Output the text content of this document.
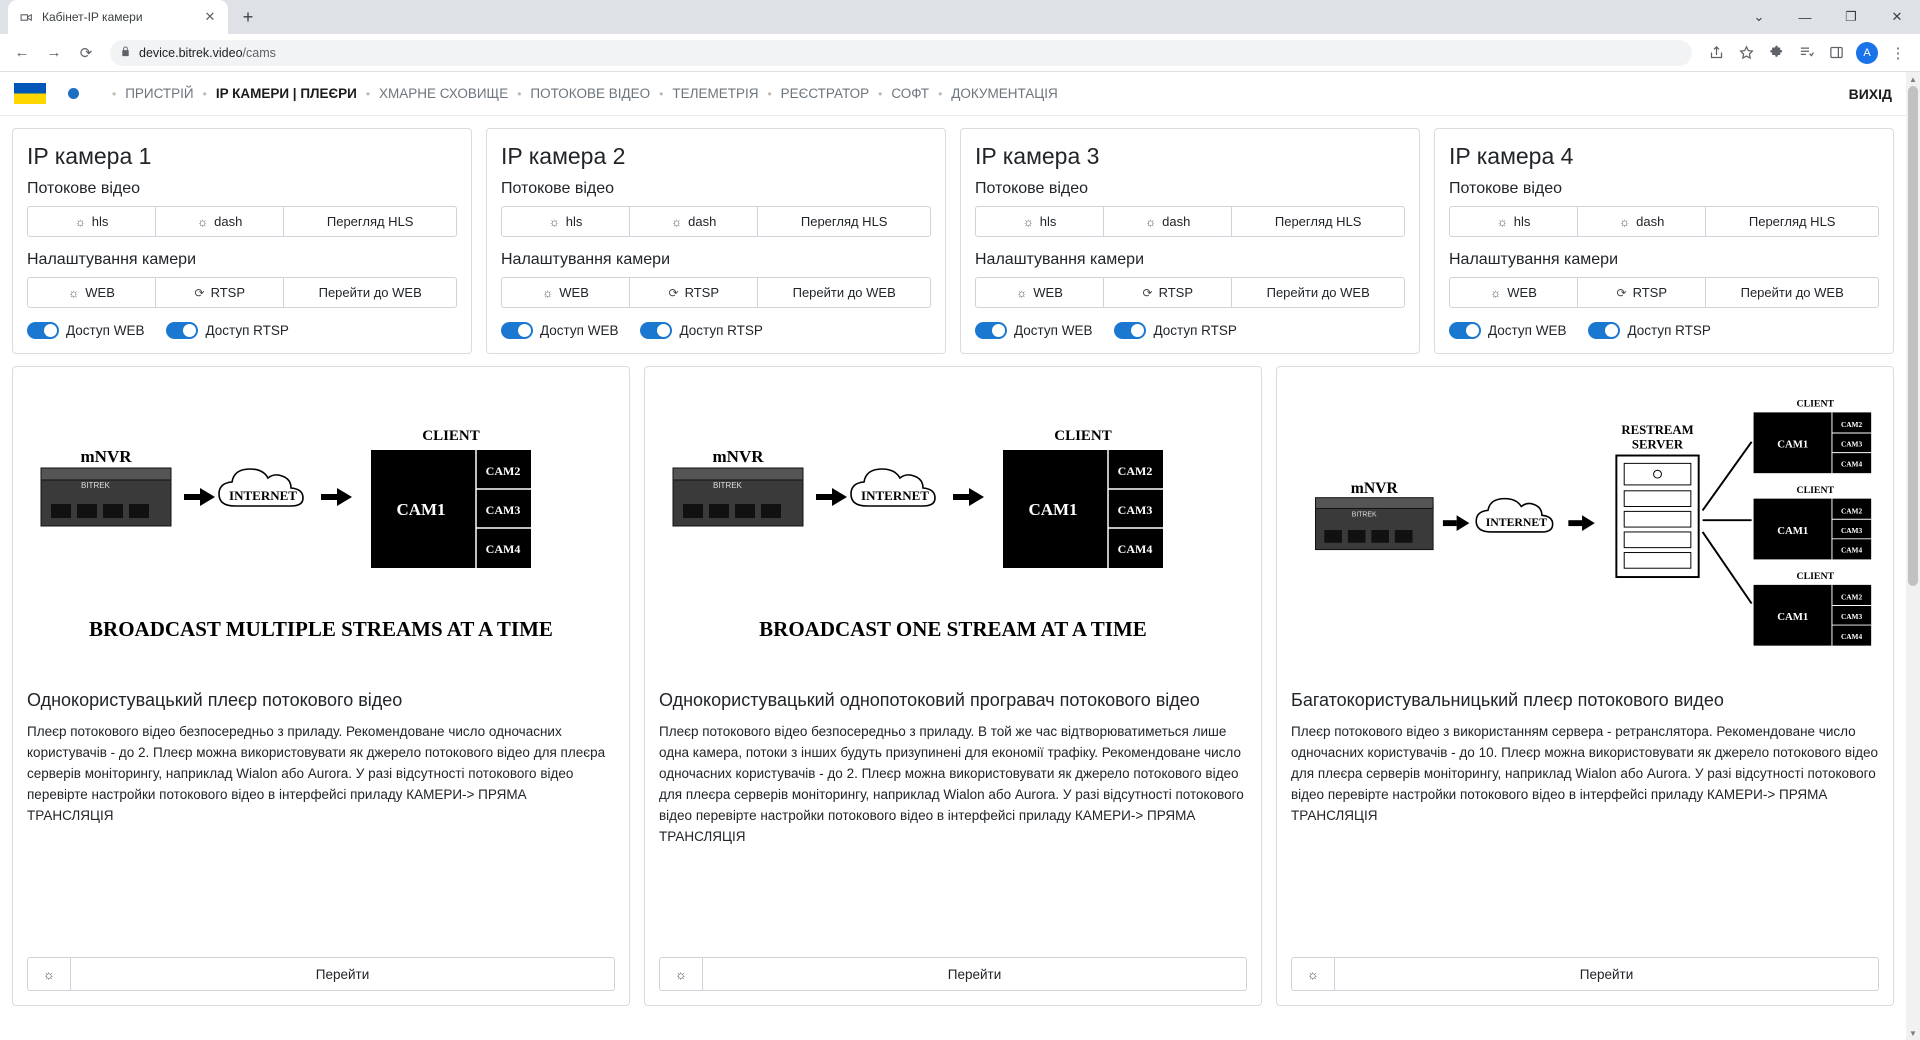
Кабінет-IP камери	✕	+	⌄	—	❐	✕
←	→	⟳	device.bitrek.video/cams	A	⋮
• ПРИСТРІЙ • IP КАМЕРИ | ПЛЕЄРИ • ХМАРНЕ СХОВИЩЕ • ПОТОКОВЕ ВІДЕО • ТЕЛЕМЕТРІЯ • РЕЄСТРАТОР • СОФТ • ДОКУМЕНТАЦІЯ	ВИХІД
IP камера 1
Потокове відео
☼ hls	☼ dash	Перегляд HLS
Налаштування камери
☼ WEB	⟳ RTSP	Перейти до WEB
Доступ WEB	Доступ RTSP
IP камера 2
Потокове відео
☼ hls	☼ dash	Перегляд HLS
Налаштування камери
☼ WEB	⟳ RTSP	Перейти до WEB
Доступ WEB	Доступ RTSP
IP камера 3
Потокове відео
☼ hls	☼ dash	Перегляд HLS
Налаштування камери
☼ WEB	⟳ RTSP	Перейти до WEB
Доступ WEB	Доступ RTSP
IP камера 4
Потокове відео
☼ hls	☼ dash	Перегляд HLS
Налаштування камери
☼ WEB	⟳ RTSP	Перейти до WEB
Доступ WEB	Доступ RTSP
mNVR
BITREK
INTERNET
CLIENT
CAM1
CAM2
CAM3
CAM4
BROADCAST MULTIPLE STREAMS AT A TIME
Однокористувацький плеєр потокового відео
Плеєр потокового відео безпосередньо з приладу. Рекомендоване число одночасних користувачів - до 2. Плеєр можна використовувати як джерело потокового відео для плеєра серверів моніторингу, наприклад Wialon або Aurora. У разі відсутності потокового відео перевірте настройки потокового відео в інтерфейсі приладу КАМЕРИ-> ПРЯМА ТРАНСЛЯЦІЯ
☼	Перейти
mNVR
BITREK
INTERNET
CLIENT
CAM1
CAM2
CAM3
CAM4
BROADCAST ONE STREAM AT A TIME
Однокористувацький однопотоковий програвач потокового відео
Плеєр потокового відео безпосередньо з приладу. В той же час відтворюватиметься лише одна камера, потоки з інших будуть призупинені для економії трафіку. Рекомендоване число одночасних користувачів - до 2. Плеєр можна використовувати як джерело потокового відео для плеєра серверів моніторингу, наприклад Wialon або Aurora. У разі відсутності потокового відео перевірте настройки потокового відео в інтерфейсі приладу КАМЕРИ-> ПРЯМА ТРАНСЛЯЦІЯ
☼	Перейти
mNVR
BITREK
INTERNET
RESTREAM
SERVER
CLIENT
CAM1
CAM2
CAM3
CAM4
CLIENT
CAM1
CAM2
CAM3
CAM4
CLIENT
CAM1
CAM2
CAM3
CAM4
Багатокористувальницький плеєр потокового видео
Плеєр потокового відео з використанням сервера - ретранслятора. Рекомендоване число одночасних користувачів - до 10. Плеєр можна використовувати як джерело потокового відео для плеєра серверів моніторингу, наприклад Wialon або Aurora. У разі відсутності потокового відео перевірте настройки потокового відео в інтерфейсі приладу КАМЕРИ-> ПРЯМА ТРАНСЛЯЦІЯ
☼	Перейти
▲
▼
